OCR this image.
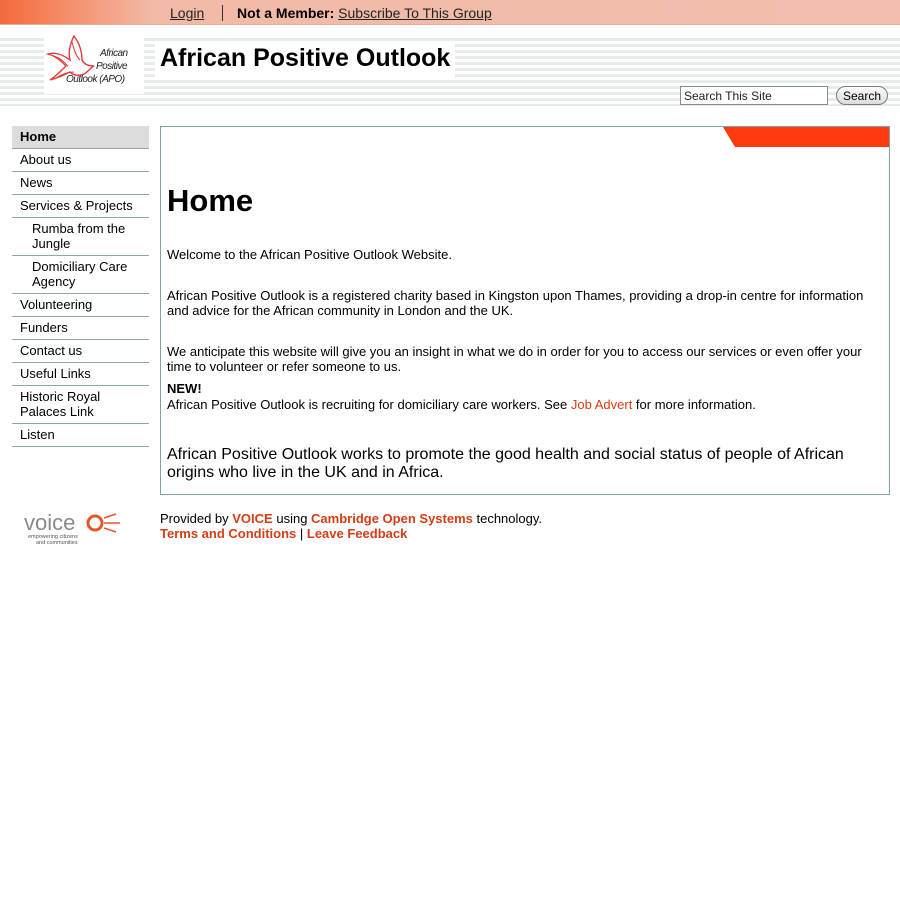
Login Not a Member: Subscribe To This Group
African
Positive
Outlook (APO)
African Positive Outlook
Search This Site
Search
Home
About us
News
Services & Projects
Rumba from the Jungle
Domiciliary Care Agency
Volunteering
Funders
Contact us
Useful Links
Historic Royal Palaces Link
Listen
Home

Welcome to the African Positive Outlook Website.

African Positive Outlook is a registered charity based in Kingston upon Thames, providing a drop-in centre for information and advice for the African community in London and the UK.

We anticipate this website will give you an insight in what we do in order for you to access our services or even offer your time to volunteer or refer someone to us.

NEW!

African Positive Outlook is recruiting for domiciliary care workers. See Job Advert for more information.

African Positive Outlook works to promote the good health and social status of people of African origins who live in the UK and in Africa.

voice
empowering citizens
and communities
Provided by VOICE using Cambridge Open Systems technology.
Terms and Conditions | Leave Feedback
